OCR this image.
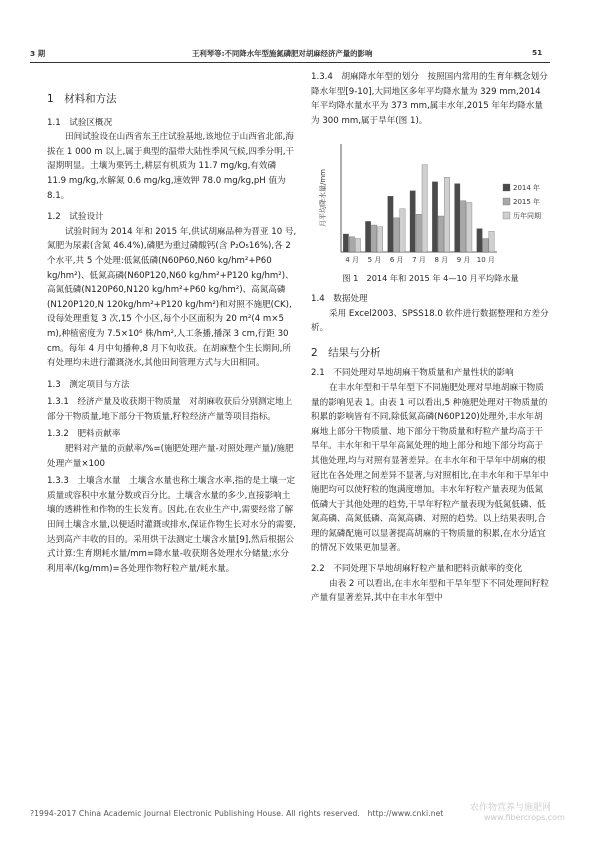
3 期	王利琴等:不同降水年型施氮磷肥对胡麻经济产量的影响	51

1　材料和方法

1.1　试验区概况

田间试验设在山西省东王庄试验基地,该地位于山西省北部,海拔在 1 000 m 以上,属于典型的温带大陆性季风气候,四季分明,干湿期明显。土壤为栗钙土,耕层有机质为 11.7 mg/kg,有效磷 11.9 mg/kg,水解氮 0.6 mg/kg,速效钾 78.0 mg/kg,pH 值为 8.1。

1.2　试验设计

试验时间为 2014 年和 2015 年,供试胡麻品种为晋亚 10 号,氮肥为尿素(含氮 46.4%),磷肥为重过磷酸钙(含 P₂O₅16%),各 2 个水平,共 5 个处理:低氮低磷(N60P60,N60 kg/hm²+P60 kg/hm²)、低氮高磷(N60P120,N60 kg/hm²+P120 kg/hm²)、高氮低磷(N120P60,N120 kg/hm²+P60 kg/hm²)、高氮高磷(N120P120,N 120kg/hm²+P120 kg/hm²)和对照不施肥(CK),设每处理重复 3 次,15 个小区,每个小区面积为 20 m²(4 m×5 m),种植密度为 7.5×10⁶ 株/hm²,人工条播,播深 3 cm,行距 30 cm。每年 4 月中旬播种,8 月下旬收获。在胡麻整个生长期间,所有处理均未进行灌溉浇水,其他田间管理方式与大田相同。

1.3　测定项目与方法

1.3.1　经济产量及收获期干物质量　对胡麻收获后分别测定地上部分干物质量,地下部分干物质量,籽粒经济产量等项目指标。

1.3.2　肥料贡献率

肥料对产量的贡献率/%=(施肥处理产量-对照处理产量)/施肥处理产量×100

1.3.3　土壤含水量　土壤含水量也称土壤含水率,指的是土壤一定质量或容积中水量分数或百分比。土壤含水量的多少,直接影响土壤的透耕性和作物的生长发育。因此,在农业生产中,需要经常了解田间土壤含水量,以便适时灌溉或排水,保证作物生长对水分的需要,达到高产丰收的目的。采用烘干法测定土壤含水量[9],然后根据公式计算:生育期耗水量/mm=降水量-收获期各处理水分储量;水分利用率/(kg/mm)=各处理作物籽粒产量/耗水量。

1.3.4　胡麻降水年型的划分　按照国内常用的生育年概念划分降水年型[9-10],大同地区多年平均降水量为 329 mm,2014 年平均降水量水平为 373 mm,属丰水年,2015 年年均降水量为 300 mm,属于旱年(图 1)。

月平均降水量/mm
4 月 5 月 6 月 7 月 8 月 9 月 10 月
2014 年
2015 年
历年同期

图 1　2014 年和 2015 年 4—10 月平均降水量

1.4　数据处理

采用 Excel2003、SPSS18.0 软件进行数据整理和方差分析。

2　结果与分析

2.1　不同处理对旱地胡麻干物质量和产量性状的影响

在丰水年型和干旱年型下不同施肥处理对旱地胡麻干物质量的影响见表 1。由表 1 可以看出,5 种施肥处理对干物质量的积累的影响皆有不同,除低氮高磷(N60P120)处理外,丰水年胡麻地上部分干物质量、地下部分干物质量和籽粒产量均高于干旱年。丰水年和干旱年高氮处理的地上部分和地下部分均高于其他处理,均与对照有显著差异。在丰水年和干旱年中胡麻的根冠比在各处理之间差异不显著,与对照相比,在丰水年和干旱年中施肥均可以使籽粒的饱满度增加。丰水年籽粒产量表现为低氮低磷大于其他处理的趋势,干旱年籽粒产量表现为低氮低磷、低氮高磷、高氮低磷、高氮高磷、对照的趋势。以上结果表明,合理的氮磷配施可以显著提高胡麻的干物质量的积累,在水分适宜的情况下效果更加显著。

2.2　不同处理下旱地胡麻籽粒产量和肥料贡献率的变化

由表 2 可以看出,在丰水年型和干旱年型下不同处理间籽粒产量有显著差异,其中在丰水年型中

?1994-2017 China Academic Journal Electronic Publishing House. All rights reserved.　http://www.cnki.net
农作物营养与施肥网
www.fibercrops.com
